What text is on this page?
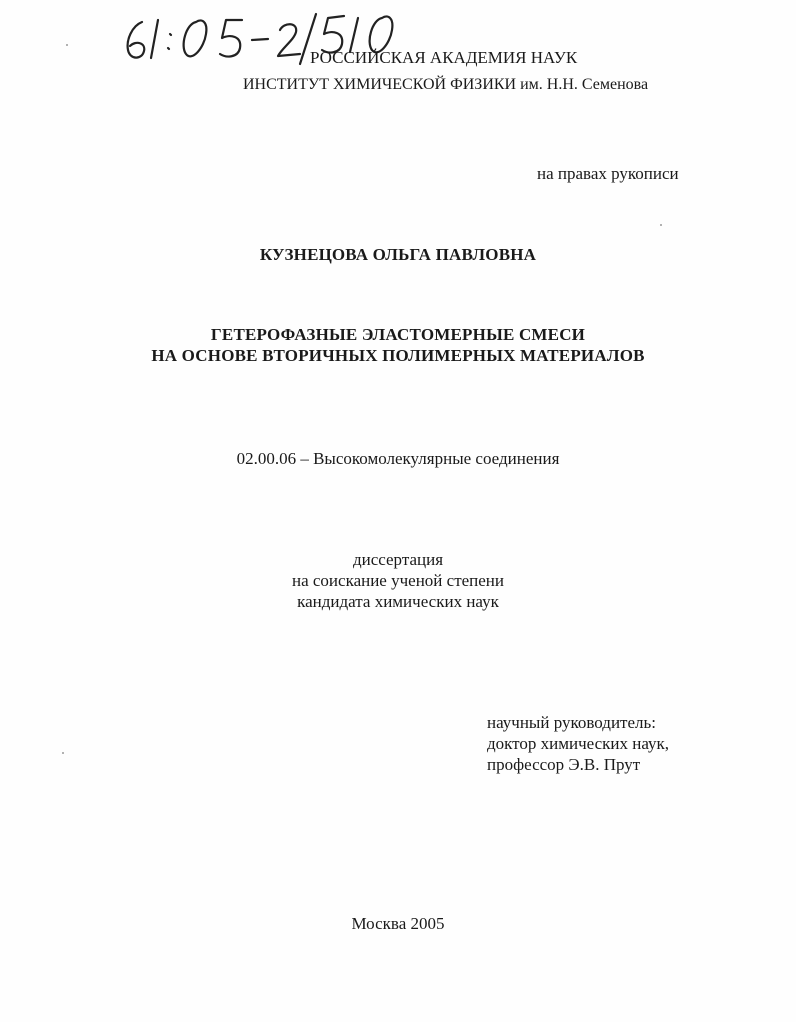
РОССИЙСКАЯ АКАДЕМИЯ НАУК
ИНСТИТУТ ХИМИЧЕСКОЙ ФИЗИКИ им. Н.Н. Семенова
на правах рукописи
КУЗНЕЦОВА ОЛЬГА ПАВЛОВНА
ГЕТЕРОФАЗНЫЕ ЭЛАСТОМЕРНЫЕ СМЕСИ
НА ОСНОВЕ ВТОРИЧНЫХ ПОЛИМЕРНЫХ МАТЕРИАЛОВ
02.00.06 – Высокомолекулярные соединения
диссертация
на соискание ученой степени
кандидата химических наук
научный руководитель:
доктор химических наук,
профессор Э.В. Прут
Москва 2005
